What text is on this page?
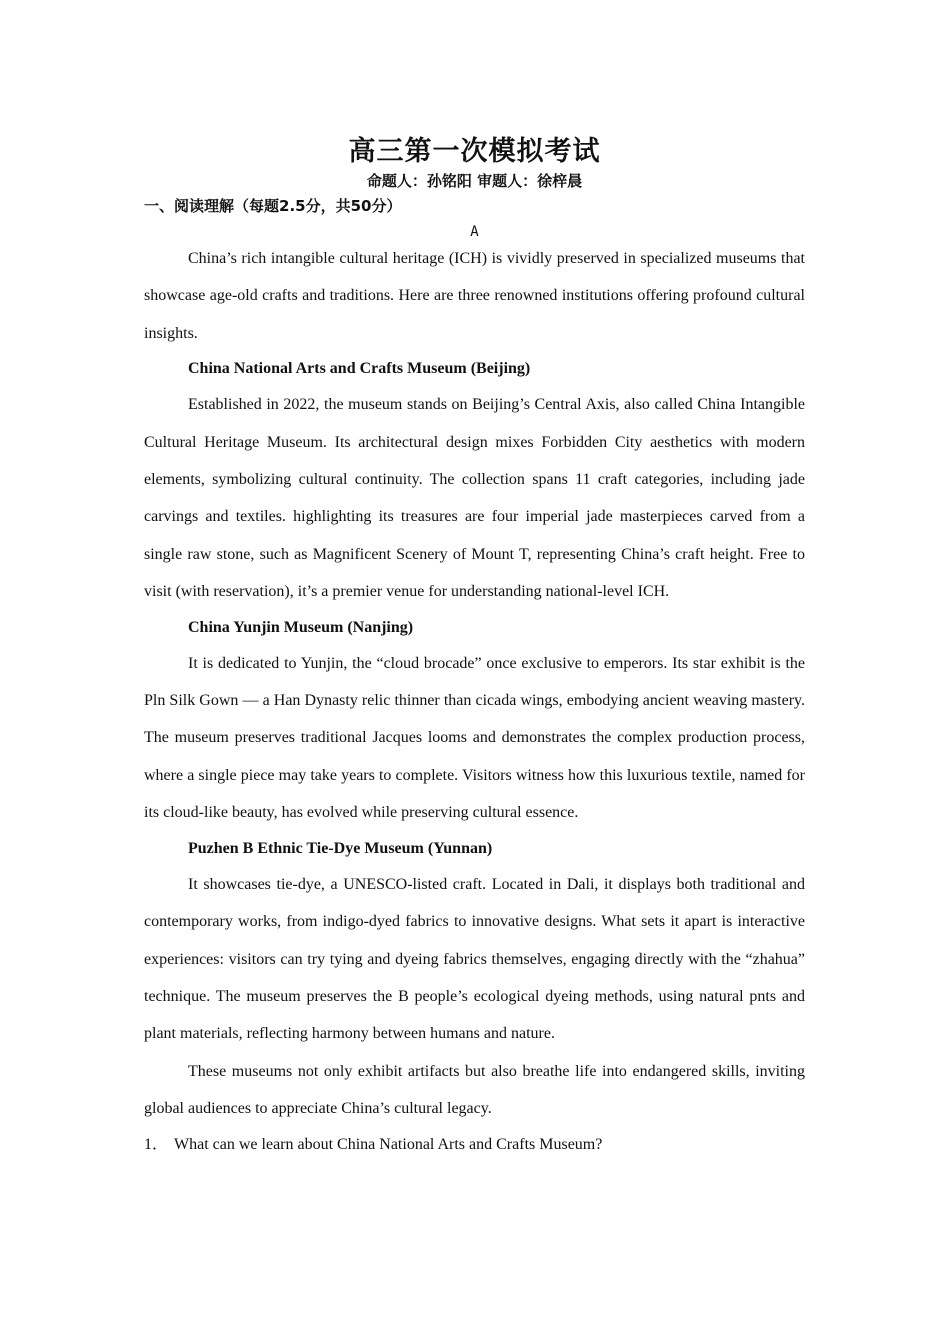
高三第一次模拟考试
命题人：孙铭阳 审题人：徐梓晨
一、阅读理解（每题2.5分，共50分）
A

China’s rich intangible cultural heritage (ICH) is vividly preserved in specialized museums that showcase age-old crafts and traditions. Here are three renowned institutions offering profound cultural insights.

China National Arts and Crafts Museum (Beijing)

Established in 2022, the museum stands on Beijing’s Central Axis, also called China Intangible Cultural Heritage Museum. Its architectural design mixes Forbidden City aesthetics with modern elements, symbolizing cultural continuity. The collection spans 11 craft categories, including jade carvings and textiles. highlighting its treasures are four imperial jade masterpieces carved from a single raw stone, such as Magnificent Scenery of Mount T, representing China’s craft height. Free to visit (with reservation), it’s a premier venue for understanding national-level ICH.

China Yunjin Museum (Nanjing)

It is dedicated to Yunjin, the “cloud brocade” once exclusive to emperors. Its star exhibit is the Pln Silk Gown — a Han Dynasty relic thinner than cicada wings, embodying ancient weaving mastery. The museum preserves traditional Jacques looms and demonstrates the complex production process, where a single piece may take years to complete. Visitors witness how this luxurious textile, named for its cloud-like beauty, has evolved while preserving cultural essence.

Puzhen B Ethnic Tie-Dye Museum (Yunnan)

It showcases tie-dye, a UNESCO-listed craft. Located in Dali, it displays both traditional and contemporary works, from indigo-dyed fabrics to innovative designs. What sets it apart is interactive experiences: visitors can try tying and dyeing fabrics themselves, engaging directly with the “zhahua” technique. The museum preserves the B people’s ecological dyeing methods, using natural pnts and plant materials, reflecting harmony between humans and nature.

These museums not only exhibit artifacts but also breathe life into endangered skills, inviting global audiences to appreciate China’s cultural legacy.

1． What can we learn about China National Arts and Crafts Museum?
